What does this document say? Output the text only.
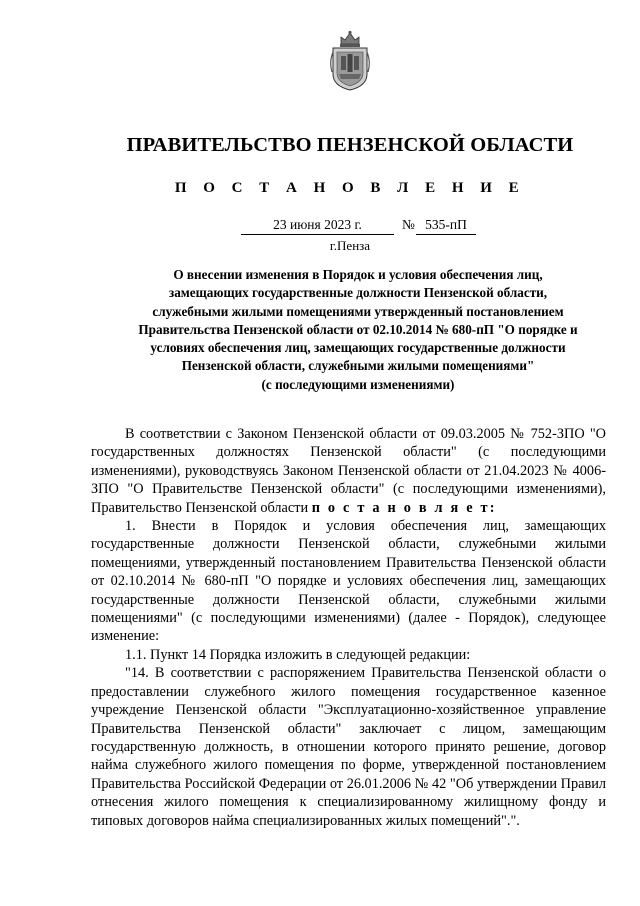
ПРАВИТЕЛЬСТВО ПЕНЗЕНСКОЙ ОБЛАСТИ
П О С Т А Н О В Л Е Н И Е
23 июня 2023 г.	№ 535-пП
г.Пенза
О внесении изменения в Порядок и условия обеспечения лиц,
замещающих государственные должности Пензенской области,
служебными жилыми помещениями утвержденный постановлением
Правительства Пензенской области от 02.10.2014 № 680-пП "О порядке и
условиях обеспечения лиц, замещающих государственные должности
Пензенской области, служебными жилыми помещениями"
(с последующими изменениями)

В соответствии с Законом Пензенской области от 09.03.2005 № 752-ЗПО "О государственных должностях Пензенской области" (с последующими изменениями), руководствуясь Законом Пензенской области от 21.04.2023 № 4006-ЗПО "О Правительстве Пензенской области" (с последующими изменениями), Правительство Пензенской области п о с т а н о в л я е т:

1. Внести в Порядок и условия обеспечения лиц, замещающих государственные должности Пензенской области, служебными жилыми помещениями, утвержденный постановлением Правительства Пензенской области от 02.10.2014 № 680-пП "О порядке и условиях обеспечения лиц, замещающих государственные должности Пензенской области, служебными жилыми помещениями" (с последующими изменениями) (далее - Порядок), следующее изменение:

1.1. Пункт 14 Порядка изложить в следующей редакции:

"14. В соответствии с распоряжением Правительства Пензенской области о предоставлении служебного жилого помещения государственное казенное учреждение Пензенской области "Эксплуатационно-хозяйственное управление Правительства Пензенской области" заключает с лицом, замещающим государственную должность, в отношении которого принято решение, договор найма служебного жилого помещения по форме, утвержденной постановлением Правительства Российской Федерации от 26.01.2006 № 42 "Об утверждении Правил отнесения жилого помещения к специализированному жилищному фонду и типовых договоров найма специализированных жилых помещений".".
